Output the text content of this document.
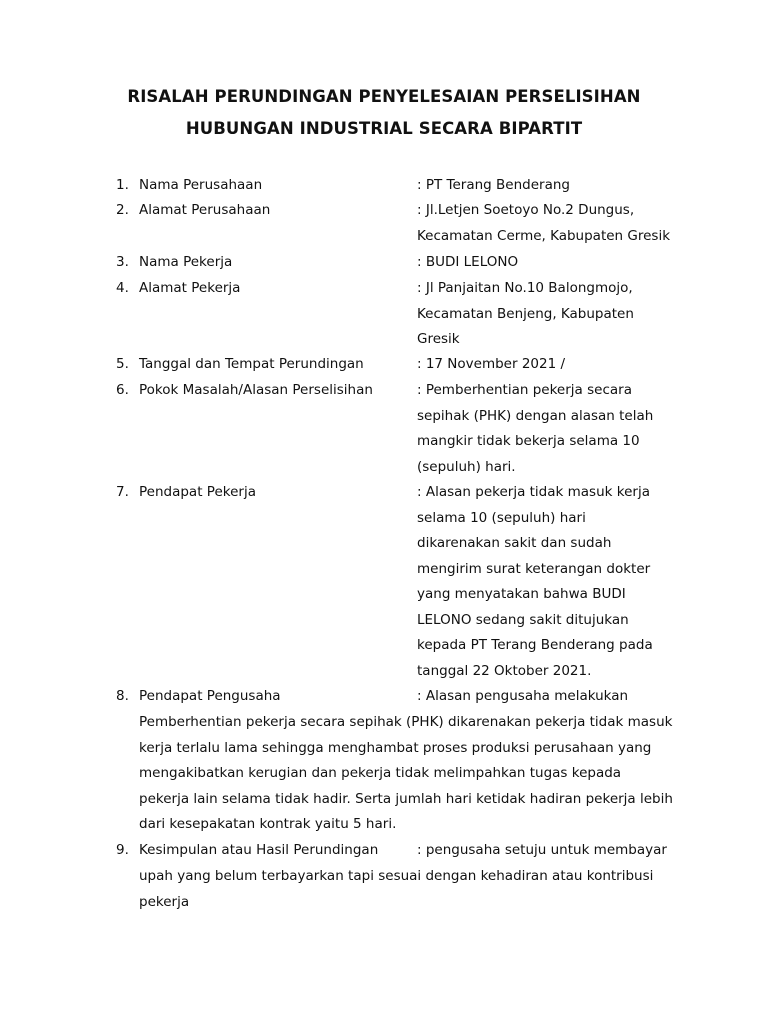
RISALAH PERUNDINGAN PENYELESAIAN PERSELISIHAN
HUBUNGAN INDUSTRIAL SECARA BIPARTIT
1. Nama Perusahaan	: PT Terang Benderang
2. Alamat Perusahaan	: Jl.Letjen Soetoyo No.2 Dungus,
Kecamatan Cerme, Kabupaten Gresik
3. Nama Pekerja	: BUDI LELONO
4. Alamat Pekerja	: Jl Panjaitan No.10 Balongmojo,
Kecamatan Benjeng, Kabupaten
Gresik
5. Tanggal dan Tempat Perundingan	: 17 November 2021 /
6. Pokok Masalah/Alasan Perselisihan	: Pemberhentian pekerja secara
sepihak (PHK) dengan alasan telah
mangkir tidak bekerja selama 10
(sepuluh) hari.
7. Pendapat Pekerja	: Alasan pekerja tidak masuk kerja
selama 10 (sepuluh) hari
dikarenakan sakit dan sudah
mengirim surat keterangan dokter
yang menyatakan bahwa BUDI
LELONO sedang sakit ditujukan
kepada PT Terang Benderang pada
tanggal 22 Oktober 2021.
8. Pendapat Pengusaha	: Alasan pengusaha melakukan
Pemberhentian pekerja secara sepihak (PHK) dikarenakan pekerja tidak masuk
kerja terlalu lama sehingga menghambat proses produksi perusahaan yang
mengakibatkan kerugian dan pekerja tidak melimpahkan tugas kepada
pekerja lain selama tidak hadir. Serta jumlah hari ketidak hadiran pekerja lebih
dari kesepakatan kontrak yaitu 5 hari.
9. Kesimpulan atau Hasil Perundingan	: pengusaha setuju untuk membayar
upah yang belum terbayarkan tapi sesuai dengan kehadiran atau kontribusi
pekerja
